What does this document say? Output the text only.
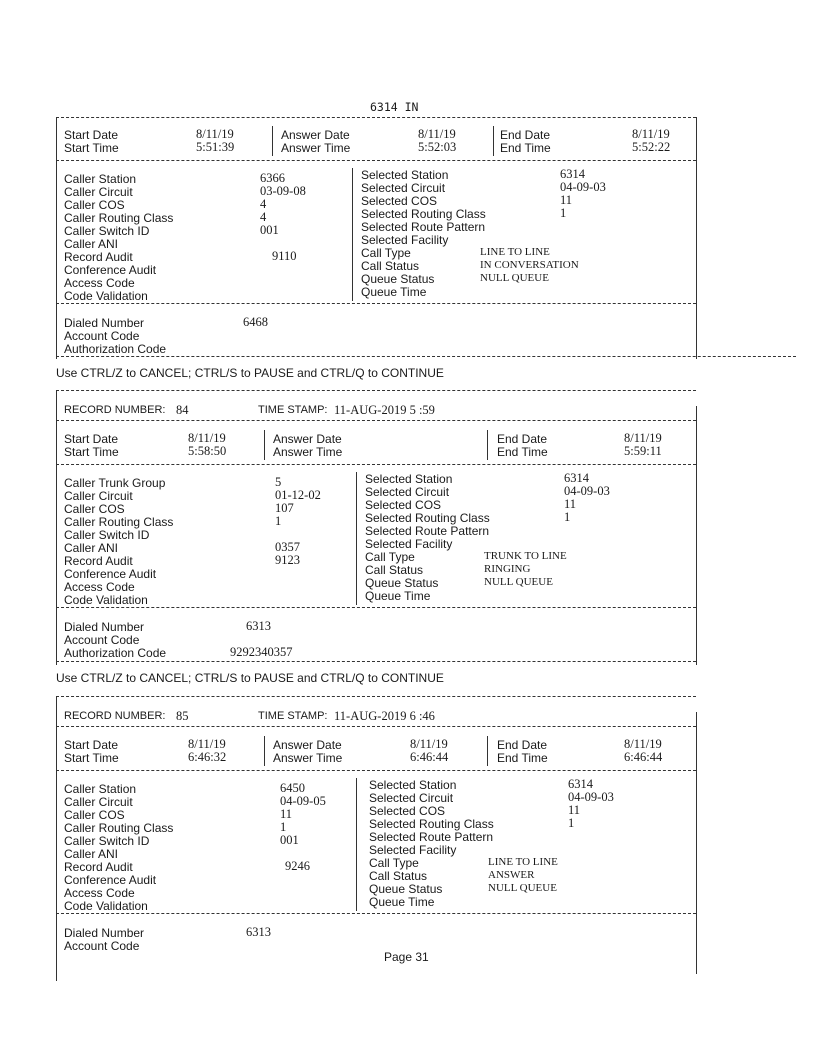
6314 IN
Start Date
Start Time
8/11/19
5:51:39
Answer Date
Answer Time
8/11/19
5:52:03
End Date
End Time
8/11/19
5:52:22
Caller Station
Caller Circuit
Caller COS
Caller Routing Class
Caller Switch ID
Caller ANI
Record Audit
Conference Audit
Access Code
Code Validation
6366
03-09-08
4
4
001
9110
Selected Station
Selected Circuit
Selected COS
Selected Routing Class
Selected Route Pattern
Selected Facility
Call Type
Call Status
Queue Status
Queue Time
6314
04-09-03
11
1
LINE TO LINE
IN CONVERSATION
NULL QUEUE
Dialed Number
Account Code
Authorization Code
6468
Use CTRL/Z to CANCEL; CTRL/S to PAUSE and CTRL/Q to CONTINUE
RECORD NUMBER: 84	TIME STAMP: 11-AUG-2019 5 :59
Start Date
Start Time
8/11/19
5:58:50
Answer Date
Answer Time
End Date
End Time
8/11/19
5:59:11
Caller Trunk Group
Caller Circuit
Caller COS
Caller Routing Class
Caller Switch ID
Caller ANI
Record Audit
Conference Audit
Access Code
Code Validation
5
01-12-02
107
1
0357
9123
Selected Station
Selected Circuit
Selected COS
Selected Routing Class
Selected Route Pattern
Selected Facility
Call Type
Call Status
Queue Status
Queue Time
6314
04-09-03
11
1
TRUNK TO LINE
RINGING
NULL QUEUE
Dialed Number
Account Code
Authorization Code
6313
9292340357
Use CTRL/Z to CANCEL; CTRL/S to PAUSE and CTRL/Q to CONTINUE
RECORD NUMBER: 85	TIME STAMP: 11-AUG-2019 6 :46
Start Date
Start Time
8/11/19
6:46:32
Answer Date
Answer Time
8/11/19
6:46:44
End Date
End Time
8/11/19
6:46:44
Caller Station
Caller Circuit
Caller COS
Caller Routing Class
Caller Switch ID
Caller ANI
Record Audit
Conference Audit
Access Code
Code Validation
6450
04-09-05
11
1
001
9246
Selected Station
Selected Circuit
Selected COS
Selected Routing Class
Selected Route Pattern
Selected Facility
Call Type
Call Status
Queue Status
Queue Time
6314
04-09-03
11
1
LINE TO LINE
ANSWER
NULL QUEUE
Dialed Number
Account Code
6313
Page 31
